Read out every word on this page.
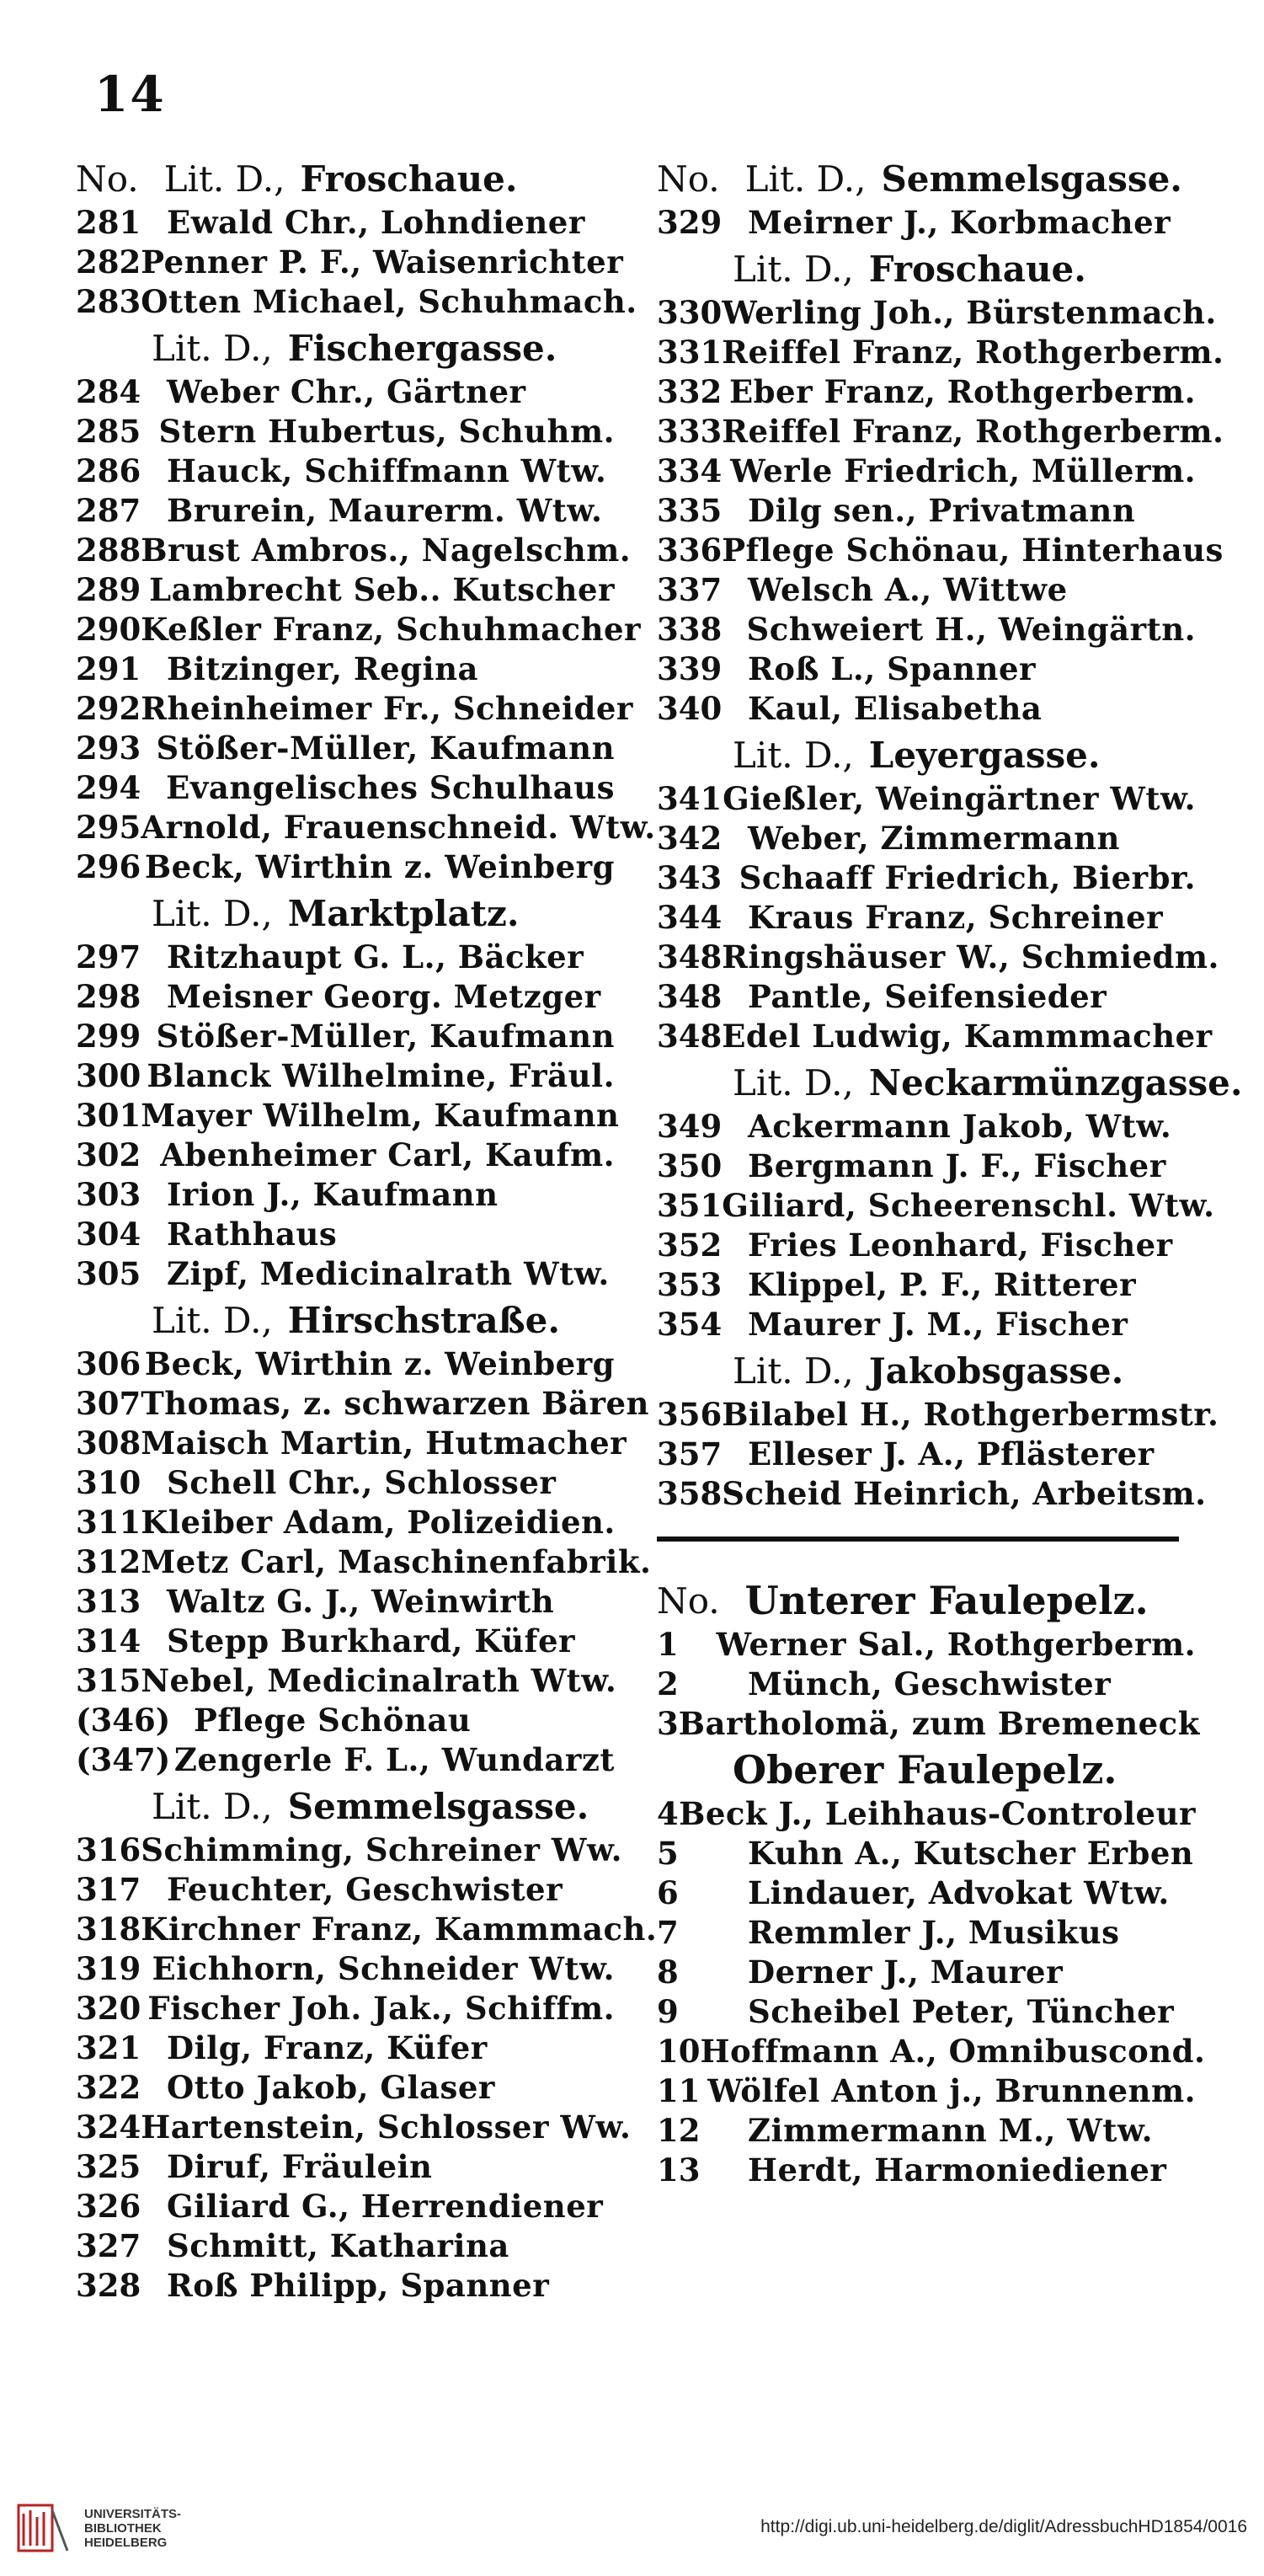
14
No. Lit. D., Froschaue.
281 Ewald Chr., Lohndiener
282 Penner P. F., Waisenrichter
283 Otten Michael, Schuhmach.
Lit. D., Fischergasse.
284 Weber Chr., Gärtner
285 Stern Hubertus, Schuhm.
286 Hauck, Schiffmann Wtw.
287 Brurein, Maurerm. Wtw.
288 Brust Ambros., Nagelschm.
289 Lambrecht Seb.. Kutscher
290 Keßler Franz, Schuhmacher
291 Bitzinger, Regina
292 Rheinheimer Fr., Schneider
293 Stößer-Müller, Kaufmann
294 Evangelisches Schulhaus
295 Arnold, Frauenschneid. Wtw.
296 Beck, Wirthin z. Weinberg
Lit. D., Marktplatz.
297 Ritzhaupt G. L., Bäcker
298 Meisner Georg. Metzger
299 Stößer-Müller, Kaufmann
300 Blanck Wilhelmine, Fräul.
301 Mayer Wilhelm, Kaufmann
302 Abenheimer Carl, Kaufm.
303 Irion J., Kaufmann
304 Rathhaus
305 Zipf, Medicinalrath Wtw.
Lit. D., Hirschstraße.
306 Beck, Wirthin z. Weinberg
307 Thomas, z. schwarzen Bären
308 Maisch Martin, Hutmacher
310 Schell Chr., Schlosser
311 Kleiber Adam, Polizeidien.
312 Metz Carl, Maschinenfabrik.
313 Waltz G. J., Weinwirth
314 Stepp Burkhard, Küfer
315 Nebel, Medicinalrath Wtw.
(346) Pflege Schönau
(347) Zengerle F. L., Wundarzt
Lit. D., Semmelsgasse.
316 Schimming, Schreiner Ww.
317 Feuchter, Geschwister
318 Kirchner Franz, Kammmach.
319 Eichhorn, Schneider Wtw.
320 Fischer Joh. Jak., Schiffm.
321 Dilg, Franz, Küfer
322 Otto Jakob, Glaser
324 Hartenstein, Schlosser Ww.
325 Diruf, Fräulein
326 Giliard G., Herrendiener
327 Schmitt, Katharina
328 Roß Philipp, Spanner
No. Lit. D., Semmelsgasse.
329 Meirner J., Korbmacher
Lit. D., Froschaue.
330 Werling Joh., Bürstenmach.
331 Reiffel Franz, Rothgerberm.
332 Eber Franz, Rothgerberm.
333 Reiffel Franz, Rothgerberm.
334 Werle Friedrich, Müllerm.
335 Dilg sen., Privatmann
336 Pflege Schönau, Hinterhaus
337 Welsch A., Wittwe
338 Schweiert H., Weingärtn.
339 Roß L., Spanner
340 Kaul, Elisabetha
Lit. D., Leyergasse.
341 Gießler, Weingärtner Wtw.
342 Weber, Zimmermann
343 Schaaff Friedrich, Bierbr.
344 Kraus Franz, Schreiner
348 Ringshäuser W., Schmiedm.
348 Pantle, Seifensieder
348 Edel Ludwig, Kammmacher
Lit. D., Neckarmünzgasse.
349 Ackermann Jakob, Wtw.
350 Bergmann J. F., Fischer
351 Giliard, Scheerenschl. Wtw.
352 Fries Leonhard, Fischer
353 Klippel, P. F., Ritterer
354 Maurer J. M., Fischer
Lit. D., Jakobsgasse.
356 Bilabel H., Rothgerbermstr.
357 Elleser J. A., Pflästerer
358 Scheid Heinrich, Arbeitsm.
No. Unterer Faulepelz.
1	Werner Sal., Rothgerberm.
2	Münch, Geschwister
3 Bartholomä, zum Bremeneck
Oberer Faulepelz.
4 Beck J., Leihhaus-Controleur
5	Kuhn A., Kutscher Erben
6	Lindauer, Advokat Wtw.
7	Remmler J., Musikus
8	Derner J., Maurer
9	Scheibel Peter, Tüncher
10 Hoffmann A., Omnibuscond.
11 Wölfel Anton j., Brunnenm.
12	Zimmermann M., Wtw.
13	Herdt, Harmoniediener
UNIVERSITÄTS-
BIBLIOTHEK
HEIDELBERG
http://digi.ub.uni-heidelberg.de/diglit/AdressbuchHD1854/0016
